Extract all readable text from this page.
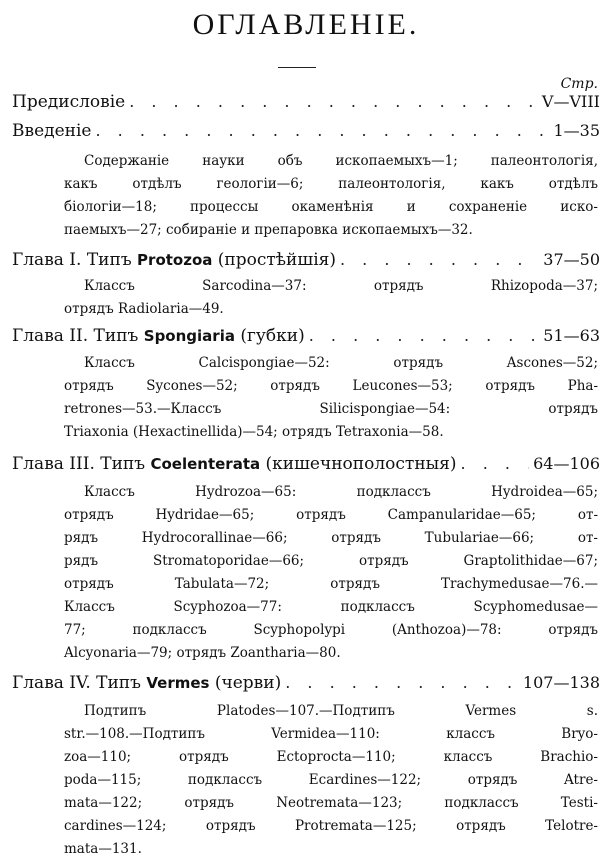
ОГЛАВЛЕНІЕ.
Стр.
Предисловіе . . .	V—VIII
Введеніе . . .	1—35
Содержаніе науки объ ископаемыхъ—1; палеонтологія,
какъ отдѣлъ геологіи—6; палеонтологія, какъ отдѣлъ
біологіи—18; процессы окаменѣнія и сохраненіе иско-
паемыхъ—27; собираніе и препаровка ископаемыхъ—32.
Глава I. Типъ Protozoa (простѣйшія) . . .	37—50
Классъ Sarcodina—37: отрядъ Rhizopoda—37;
отрядъ Radiolaria—49.
Глава II. Типъ Spongiaria (губки) . . .	51—63
Классъ Calcispongiae—52: отрядъ Ascones—52;
отрядъ Sycones—52; отрядъ Leucones—53; отрядъ Pha-
retrones—53.—Классъ Silicispongiae—54: отрядъ
Triaxonia (Hexactinellida)—54; отрядъ Tetraxonia—58.
Глава III. Типъ Coelenterata (кишечнополостныя) . . .	64—106
Классъ Hydrozoa—65: подклассъ Hydroidea—65;
отрядъ Hydridae—65; отрядъ Campanularidae—65; от-
рядъ Hydrocorallinae—66; отрядъ Tubulariae—66; от-
рядъ Stromatoporidae—66; отрядъ Graptolithidae—67;
отрядъ Tabulata—72; отрядъ Trachymedusae—76.—
Классъ Scyphozoa—77: подклассъ Scyphomedusae—
77; подклассъ Scyphopolypi (Anthozoa)—78: отрядъ
Alcyonaria—79; отрядъ Zoantharia—80.
Глава IV. Типъ Vermes (черви) . . .	107—138
Подтипъ Platodes—107.—Подтипъ Vermes s.
str.—108.—Подтипъ Vermidea—110: классъ Bryo-
zoa—110; отрядъ Ectoprocta—110; классъ Brachio-
poda—115; подклассъ Ecardines—122; отрядъ Atre-
mata—122; отрядъ Neotremata—123; подклассъ Testi-
cardines—124; отрядъ Protremata—125; отрядъ Telotre-
mata—131.
